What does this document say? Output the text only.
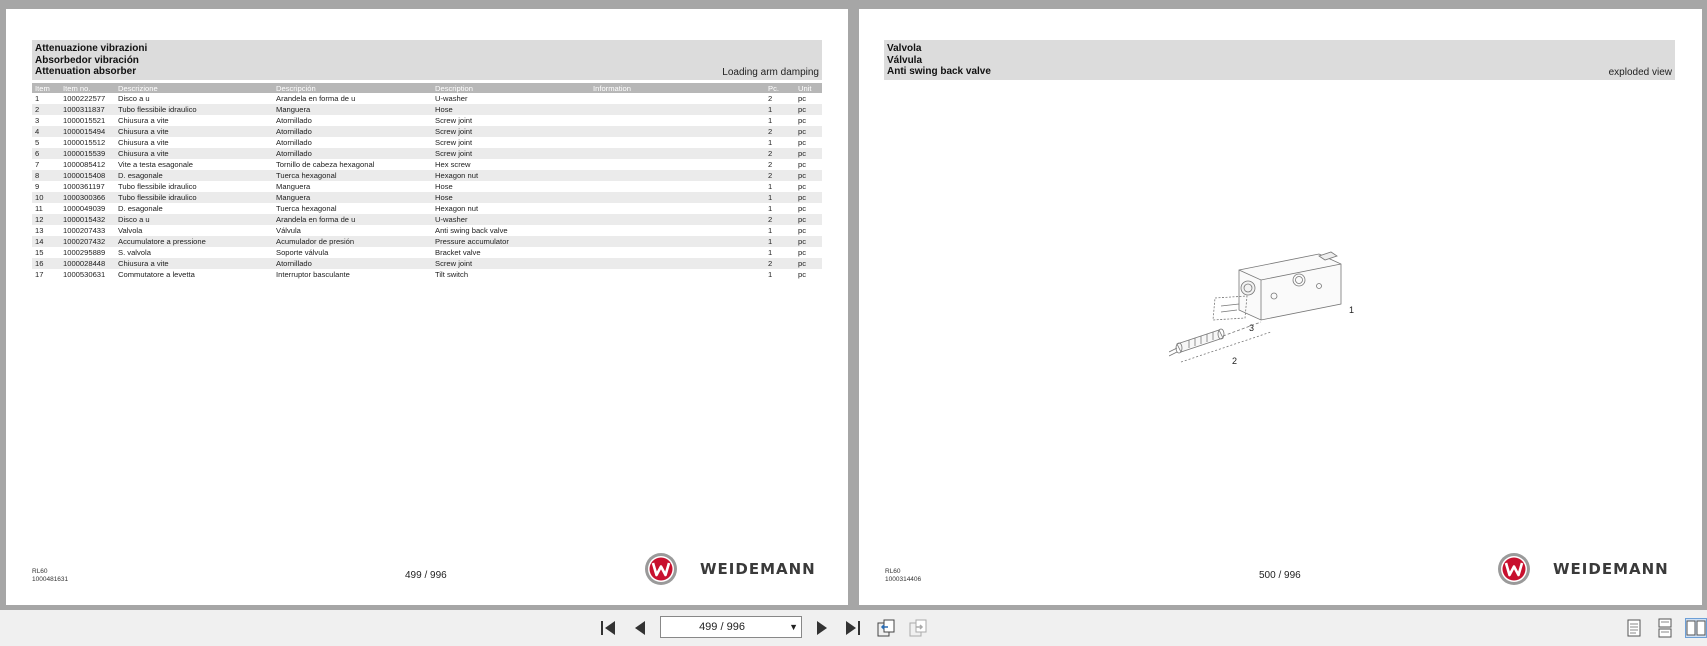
Attenuazione vibrazioni
Absorbedor vibración
Attenuation absorber	Loading arm damping
Item	Item no.	Descrizione	Descripción	Description	Information	Pc.	Unit
1	1000222577	Disco a u	Arandela en forma de u	U-washer		2	pc
2	1000311837	Tubo flessibile idraulico	Manguera	Hose		1	pc
3	1000015521	Chiusura a vite	Atornillado	Screw joint		1	pc
4	1000015494	Chiusura a vite	Atornillado	Screw joint		2	pc
5	1000015512	Chiusura a vite	Atornillado	Screw joint		1	pc
6	1000015539	Chiusura a vite	Atornillado	Screw joint		2	pc
7	1000085412	Vite a testa esagonale	Tornillo de cabeza hexagonal	Hex screw		2	pc
8	1000015408	D. esagonale	Tuerca hexagonal	Hexagon nut		2	pc
9	1000361197	Tubo flessibile idraulico	Manguera	Hose		1	pc
10	1000300366	Tubo flessibile idraulico	Manguera	Hose		1	pc
11	1000049039	D. esagonale	Tuerca hexagonal	Hexagon nut		1	pc
12	1000015432	Disco a u	Arandela en forma de u	U-washer		2	pc
13	1000207433	Valvola	Válvula	Anti swing back valve		1	pc
14	1000207432	Accumulatore a pressione	Acumulador de presión	Pressure accumulator		1	pc
15	1000295889	S. valvola	Soporte válvula	Bracket valve		1	pc
16	1000028448	Chiusura a vite	Atornillado	Screw joint		2	pc
17	1000530631	Commutatore a levetta	Interruptor basculante	Tilt switch		1	pc
RL60
1000481631	499 / 996	WEIDEMANN
Valvola
Válvula
Anti swing back valve	exploded view
3
1
2
RL60
1000314406	500 / 996	WEIDEMANN
499 / 996	▼
